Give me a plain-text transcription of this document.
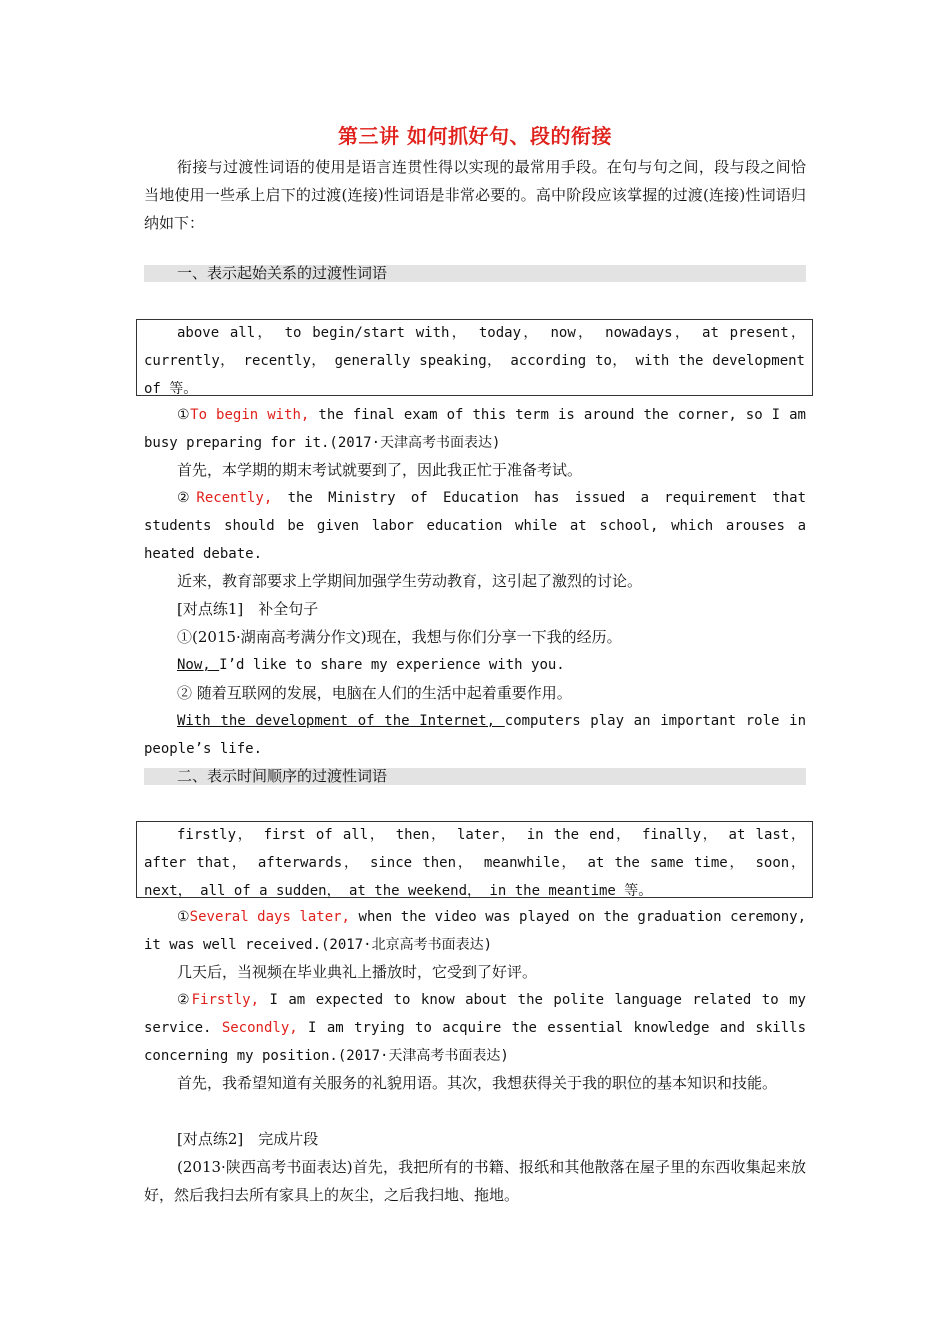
第三讲 如何抓好句、段的衔接
衔接与过渡性词语的使用是语言连贯性得以实现的最常用手段。在句与句之间，段与段之间恰当地使用一些承上启下的过渡(连接)性词语是非常必要的。高中阶段应该掌握的过渡(连接)性词语归纳如下：
一、表示起始关系的过渡性词语
above all， to begin/start with， today， now， nowadays， at present， currently， recently， generally speaking， according to， with the development of 等。
①To begin with, the final exam of this term is around the corner, so I am busy preparing for it.(2017·天津高考书面表达)
首先，本学期的期末考试就要到了，因此我正忙于准备考试。
②Recently, the Ministry of Education has issued a requirement that students should be given labor education while at school, which arouses a heated debate.
近来，教育部要求上学期间加强学生劳动教育，这引起了激烈的讨论。
[对点练1]　补全句子
①(2015·湖南高考满分作文)现在，我想与你们分享一下我的经历。
Now, I’d like to share my experience with you.
② 随着互联网的发展，电脑在人们的生活中起着重要作用。
With the development of the Internet, computers play an important role in people’s life.
二、表示时间顺序的过渡性词语
firstly， first of all， then， later， in the end， finally， at last， after that， afterwards， since then， meanwhile， at the same time， soon， next， all of a sudden， at the weekend， in the meantime 等。
①Several days later, when the video was played on the graduation ceremony, it was well received.(2017·北京高考书面表达)
几天后，当视频在毕业典礼上播放时，它受到了好评。
②Firstly, I am expected to know about the polite language related to my service. Secondly, I am trying to acquire the essential knowledge and skills concerning my position.(2017·天津高考书面表达)
首先，我希望知道有关服务的礼貌用语。其次，我想获得关于我的职位的基本知识和技能。
[对点练2]　完成片段
(2013·陕西高考书面表达)首先，我把所有的书籍、报纸和其他散落在屋子里的东西收集起来放好，然后我扫去所有家具上的灰尘，之后我扫地、拖地。
